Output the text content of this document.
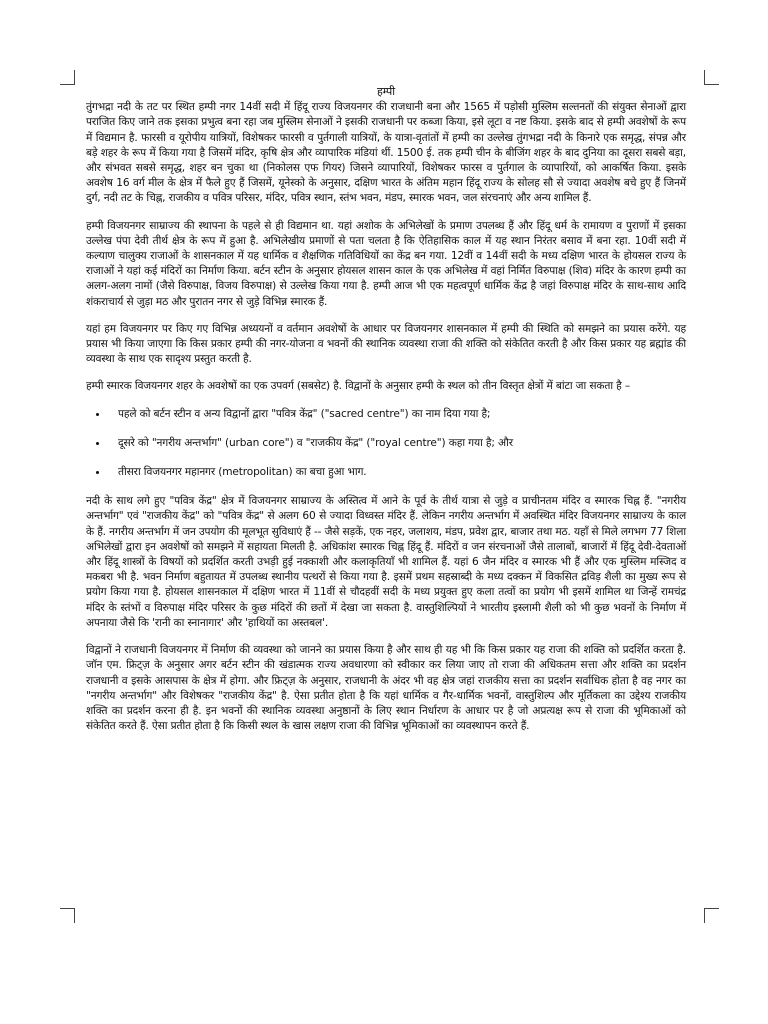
हम्पी

तुंगभद्रा नदी के तट पर स्थित हम्पी नगर 14वीं सदी में हिंदू राज्य विजयनगर की राजधानी बना और 1565 में पड़ोसी मुस्लिम सल्तनतों की संयुक्त सेनाओं द्वारा पराजित किए जाने तक इसका प्रभुत्व बना रहा जब मुस्लिम सेनाओं ने इसकी राजधानी पर कब्जा किया, इसे लूटा व नष्ट किया. इसके बाद से हम्पी अवशेषों के रूप में विद्यमान है. फारसी व यूरोपीय यात्रियों, विशेषकर फारसी व पुर्तगाली यात्रियों, के यात्रा-वृतांतों में हम्पी का उल्लेख तुंगभद्रा नदी के किनारे एक समृद्ध, संपन्न और बड़े शहर के रूप में किया गया है जिसमें मंदिर, कृषि क्षेत्र और व्यापारिक मंडियां थीं. 1500 ई. तक हम्पी चीन के बीजिंग शहर के बाद दुनिया का दूसरा सबसे बड़ा, और संभवत सबसे समृद्ध, शहर बन चुका था (निकोलस एफ गियर) जिसने व्यापारियों, विशेषकर फारस व पुर्तगाल के व्यापारियों, को आकर्षित किया. इसके अवशेष 16 वर्ग मील के क्षेत्र में फैले हुए हैं जिसमें, यूनेस्को के अनुसार, दक्षिण भारत के अंतिम महान हिंदू राज्य के सोलह सौ से ज्यादा अवशेष बचे हुए हैं जिनमें दुर्ग, नदी तट के चिह्न, राजकीय व पवित्र परिसर, मंदिर, पवित्र स्थान, स्तंभ भवन, मंडप, स्मारक भवन, जल संरचनाएं और अन्य शामिल हैं.

हम्पी विजयनगर साम्राज्य की स्थापना के पहले से ही विद्यमान था. यहां अशोक के अभिलेखों के प्रमाण उपलब्ध हैं और हिंदू धर्म के रामायण व पुराणों में इसका उल्लेख पंपा देवी तीर्थ क्षेत्र के रूप में हुआ है. अभिलेखीय प्रमाणों से पता चलता है कि ऐतिहासिक काल में यह स्थान निरंतर बसाव में बना रहा. 10वीं सदी में कल्याण चालुक्य राजाओं के शासनकाल में यह धार्मिक व शैक्षणिक गतिविधियों का केंद्र बन गया. 12वीं व 14वीं सदी के मध्य दक्षिण भारत के होयसल राज्य के राजाओं ने यहां कई मंदिरों का निर्माण किया. बर्टन स्टीन के अनुसार होयसल शासन काल के एक अभिलेख में वहां निर्मित विरुपाक्ष (शिव) मंदिर के कारण हम्पी का अलग-अलग नामों (जैसे विरुपाक्ष, विजय विरुपाक्ष) से उल्लेख किया गया है. हम्पी आज भी एक महत्वपूर्ण धार्मिक केंद्र है जहां विरुपाक्ष मंदिर के साथ-साथ आदि शंकराचार्य से जुड़ा मठ और पुरातन नगर से जुड़े विभिन्न स्मारक हैं.

यहां हम विजयनगर पर किए गए विभिन्न अध्ययनों व वर्तमान अवशेषों के आधार पर विजयनगर शासनकाल में हम्पी की स्थिति को समझने का प्रयास करेंगे. यह प्रयास भी किया जाएगा कि किस प्रकार हम्पी की नगर-योजना व भवनों की स्थानिक व्यवस्था राजा की शक्ति को संकेतित करती है और किस प्रकार यह ब्रह्मांड की व्यवस्था के साथ एक सादृश्य प्रस्तुत करती है.

हम्पी स्मारक विजयनगर शहर के अवशेषों का एक उपवर्ग (सबसेट) है. विद्वानों के अनुसार हम्पी के स्थल को तीन विस्तृत क्षेत्रों में बांटा जा सकता है –

• पहले को बर्टन स्टीन व अन्य विद्वानों द्वारा "पवित्र केंद्र" ("sacred centre") का नाम दिया गया है;
• दूसरे को "नगरीय अन्तर्भाग" (urban core") व "राजकीय केंद्र" ("royal centre") कहा गया है; और
• तीसरा विजयनगर महानगर (metropolitan) का बचा हुआ भाग.

नदी के साथ लगे हुए "पवित्र केंद्र" क्षेत्र में विजयनगर साम्राज्य के अस्तित्व में आने के पूर्व के तीर्थ यात्रा से जुड़े व प्राचीनतम मंदिर व स्मारक चिह्न हैं. "नगरीय अन्तर्भाग" एवं "राजकीय केंद्र" को "पवित्र केंद्र" से अलग 60 से ज्यादा विध्वस्त मंदिर हैं. लेकिन नगरीय अन्तर्भाग में अवस्थित मंदिर विजयनगर साम्राज्य के काल के हैं. नगरीय अन्तर्भाग में जन उपयोग की मूलभूत सुविधाएं हैं -- जैसे सड़कें, एक नहर, जलाशय, मंडप, प्रवेश द्वार, बाजार तथा मठ. यहाँ से मिले लगभग 77 शिला अभिलेखों द्वारा इन अवशेषों को समझने में सहायता मिलती है. अधिकांश स्मारक चिह्न हिंदू हैं. मंदिरों व जन संरचनाओं जैसे तालाबों, बाजारों में हिंदू देवी-देवताओं और हिंदू शास्त्रों के विषयों को प्रदर्शित करती उभड़ी हुई नक्काशी और कलाकृतियाँ भी शामिल हैं. यहां 6 जैन मंदिर व स्मारक भी हैं और एक मुस्लिम मस्जिद व मकबरा भी है. भवन निर्माण बहुतायत में उपलब्ध स्थानीय पत्थरों से किया गया है. इसमें प्रथम सहस्राब्दी के मध्य दक्कन में विकसित द्रविड़ शैली का मुख्य रूप से प्रयोग किया गया है. होयसल शासनकाल में दक्षिण भारत में 11वीं से चौदहवीं सदी के मध्य प्रयुक्त हुए कला तत्वों का प्रयोग भी इसमें शामिल था जिन्हें रामचंद्र मंदिर के स्तंभों व विरुपाक्ष मंदिर परिसर के कुछ मंदिरों की छतों में देखा जा सकता है. वास्तुशिल्पियों ने भारतीय इस्लामी शैली को भी कुछ भवनों के निर्माण में अपनाया जैसे कि 'रानी का स्नानागार' और 'हाथियों का अस्तबल'.

विद्वानों ने राजधानी विजयनगर में निर्माण की व्यवस्था को जानने का प्रयास किया है और साथ ही यह भी कि किस प्रकार यह राजा की शक्ति को प्रदर्शित करता है. जॉन एम. फ्रिट्ज़ के अनुसार अगर बर्टन स्टीन की खंडात्मक राज्य अवधारणा को स्वीकार कर लिया जाए तो राजा की अधिकतम सत्ता और शक्ति का प्रदर्शन राजधानी व इसके आसपास के क्षेत्र में होगा. और फ्रिट्ज़ के अनुसार, राजधानी के अंदर भी वह क्षेत्र जहां राजकीय सत्ता का प्रदर्शन सर्वाधिक होता है वह नगर का "नगरीय अन्तर्भाग" और विशेषकर "राजकीय केंद्र" है. ऐसा प्रतीत होता है कि यहां धार्मिक व गैर-धार्मिक भवनों, वास्तुशिल्प और मूर्तिकला का उद्देश्य राजकीय शक्ति का प्रदर्शन करना ही है. इन भवनों की स्थानिक व्यवस्था अनुष्ठानों के लिए स्थान निर्धारण के आधार पर है जो अप्रत्यक्ष रूप से राजा की भूमिकाओं को संकेतित करते हैं. ऐसा प्रतीत होता है कि किसी स्थल के खास लक्षण राजा की विभिन्न भूमिकाओं का व्यवस्थापन करते हैं.
